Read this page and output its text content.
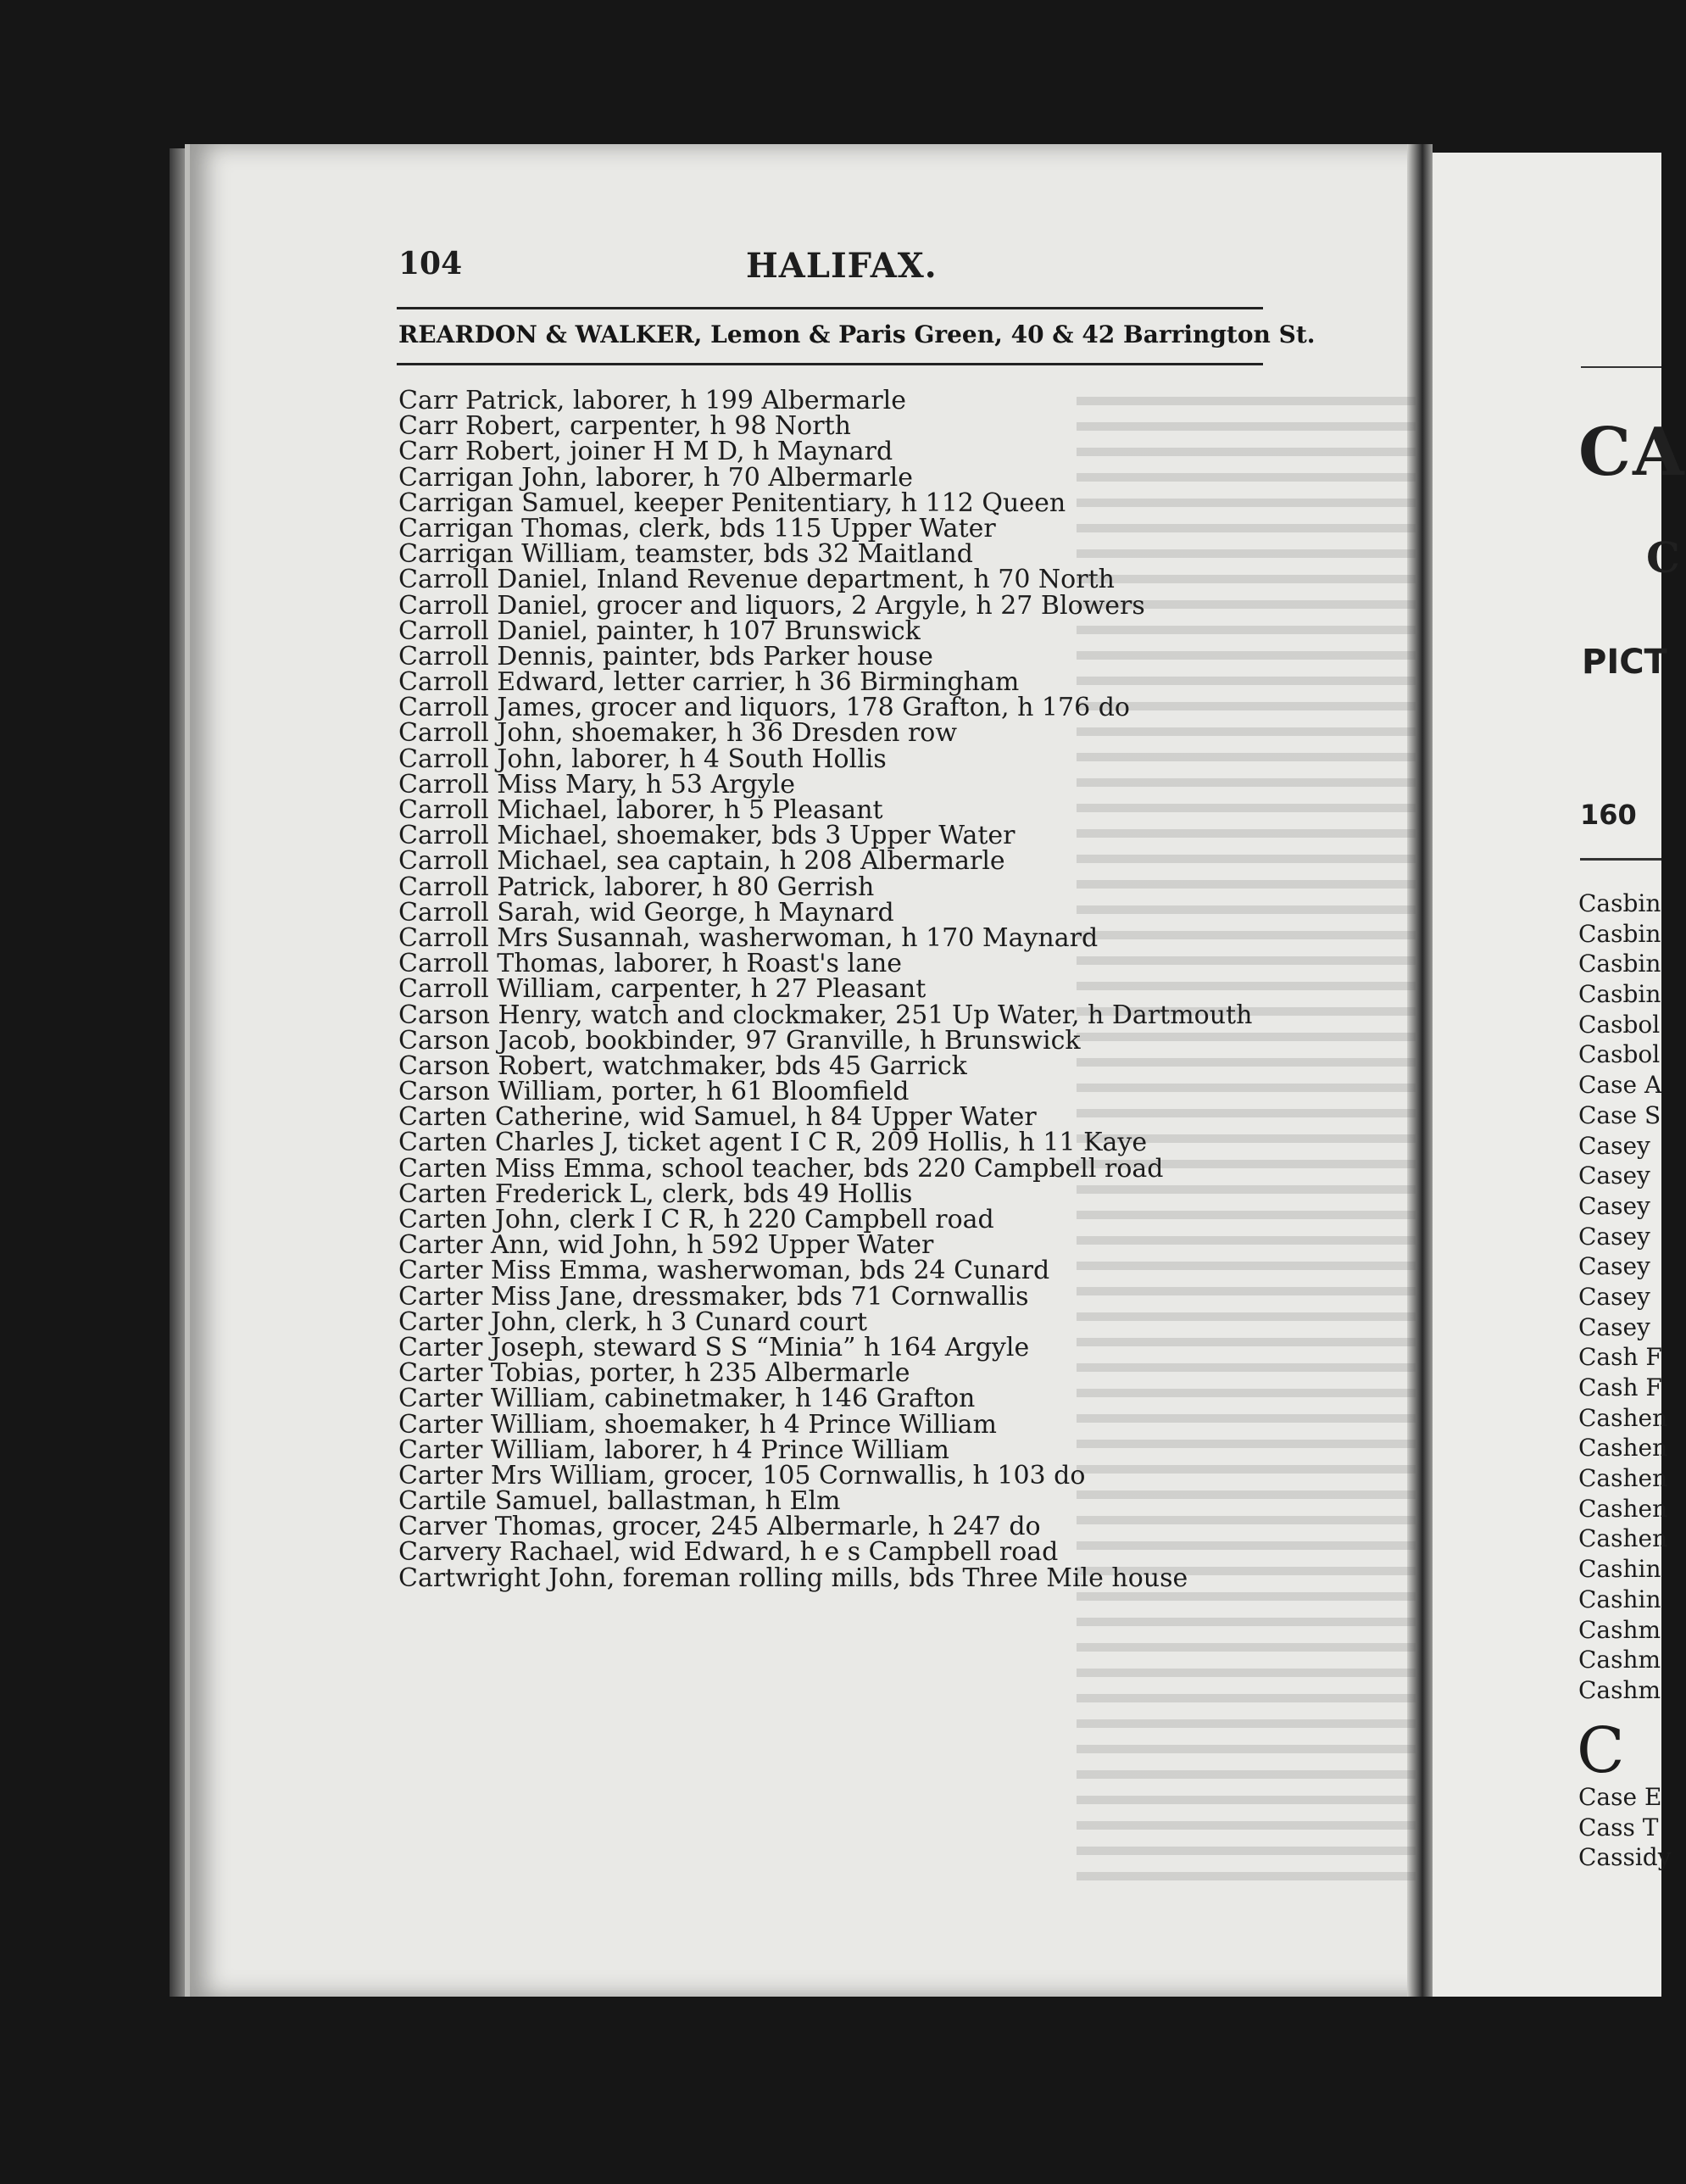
104	HALIFAX.
REARDON & WALKER, Lemon & Paris Green, 40 & 42 Barrington St.
Carr Patrick, laborer, h 199 Albermarle
Carr Robert, carpenter, h 98 North
Carr Robert, joiner H M D, h Maynard
Carrigan John, laborer, h 70 Albermarle
Carrigan Samuel, keeper Penitentiary, h 112 Queen
Carrigan Thomas, clerk, bds 115 Upper Water
Carrigan William, teamster, bds 32 Maitland
Carroll Daniel, Inland Revenue department, h 70 North
Carroll Daniel, grocer and liquors, 2 Argyle, h 27 Blowers
Carroll Daniel, painter, h 107 Brunswick
Carroll Dennis, painter, bds Parker house
Carroll Edward, letter carrier, h 36 Birmingham
Carroll James, grocer and liquors, 178 Grafton, h 176 do
Carroll John, shoemaker, h 36 Dresden row
Carroll John, laborer, h 4 South Hollis
Carroll Miss Mary, h 53 Argyle
Carroll Michael, laborer, h 5 Pleasant
Carroll Michael, shoemaker, bds 3 Upper Water
Carroll Michael, sea captain, h 208 Albermarle
Carroll Patrick, laborer, h 80 Gerrish
Carroll Sarah, wid George, h Maynard
Carroll Mrs Susannah, washerwoman, h 170 Maynard
Carroll Thomas, laborer, h Roast's lane
Carroll William, carpenter, h 27 Pleasant
Carson Henry, watch and clockmaker, 251 Up Water, h Dartmouth
Carson Jacob, bookbinder, 97 Granville, h Brunswick
Carson Robert, watchmaker, bds 45 Garrick
Carson William, porter, h 61 Bloomfield
Carten Catherine, wid Samuel, h 84 Upper Water
Carten Charles J, ticket agent I C R, 209 Hollis, h 11 Kaye
Carten Miss Emma, school teacher, bds 220 Campbell road
Carten Frederick L, clerk, bds 49 Hollis
Carten John, clerk I C R, h 220 Campbell road
Carter Ann, wid John, h 592 Upper Water
Carter Miss Emma, washerwoman, bds 24 Cunard
Carter Miss Jane, dressmaker, bds 71 Cornwallis
Carter John, clerk, h 3 Cunard court
Carter Joseph, steward S S “Minia” h 164 Argyle
Carter Tobias, porter, h 235 Albermarle
Carter William, cabinetmaker, h 146 Grafton
Carter William, shoemaker, h 4 Prince William
Carter William, laborer, h 4 Prince William
Carter Mrs William, grocer, 105 Cornwallis, h 103 do
Cartile Samuel, ballastman, h Elm
Carver Thomas, grocer, 245 Albermarle, h 247 do
Carvery Rachael, wid Edward, h e s Campbell road
Cartwright John, foreman rolling mills, bds Three Mile house
CA
C
PICT
160
Casbin
Casbin
Casbin
Casbin
Casbol
Casbol
Case A
Case S
Casey
Casey
Casey
Casey
Casey
Casey
Casey
Cash F
Cash F
Cashen
Cashen
Cashen
Cashen
Cashen
Cashin
Cashin
Cashm
Cashm
Cashm
C
Case E
Cass T
Cassidy
